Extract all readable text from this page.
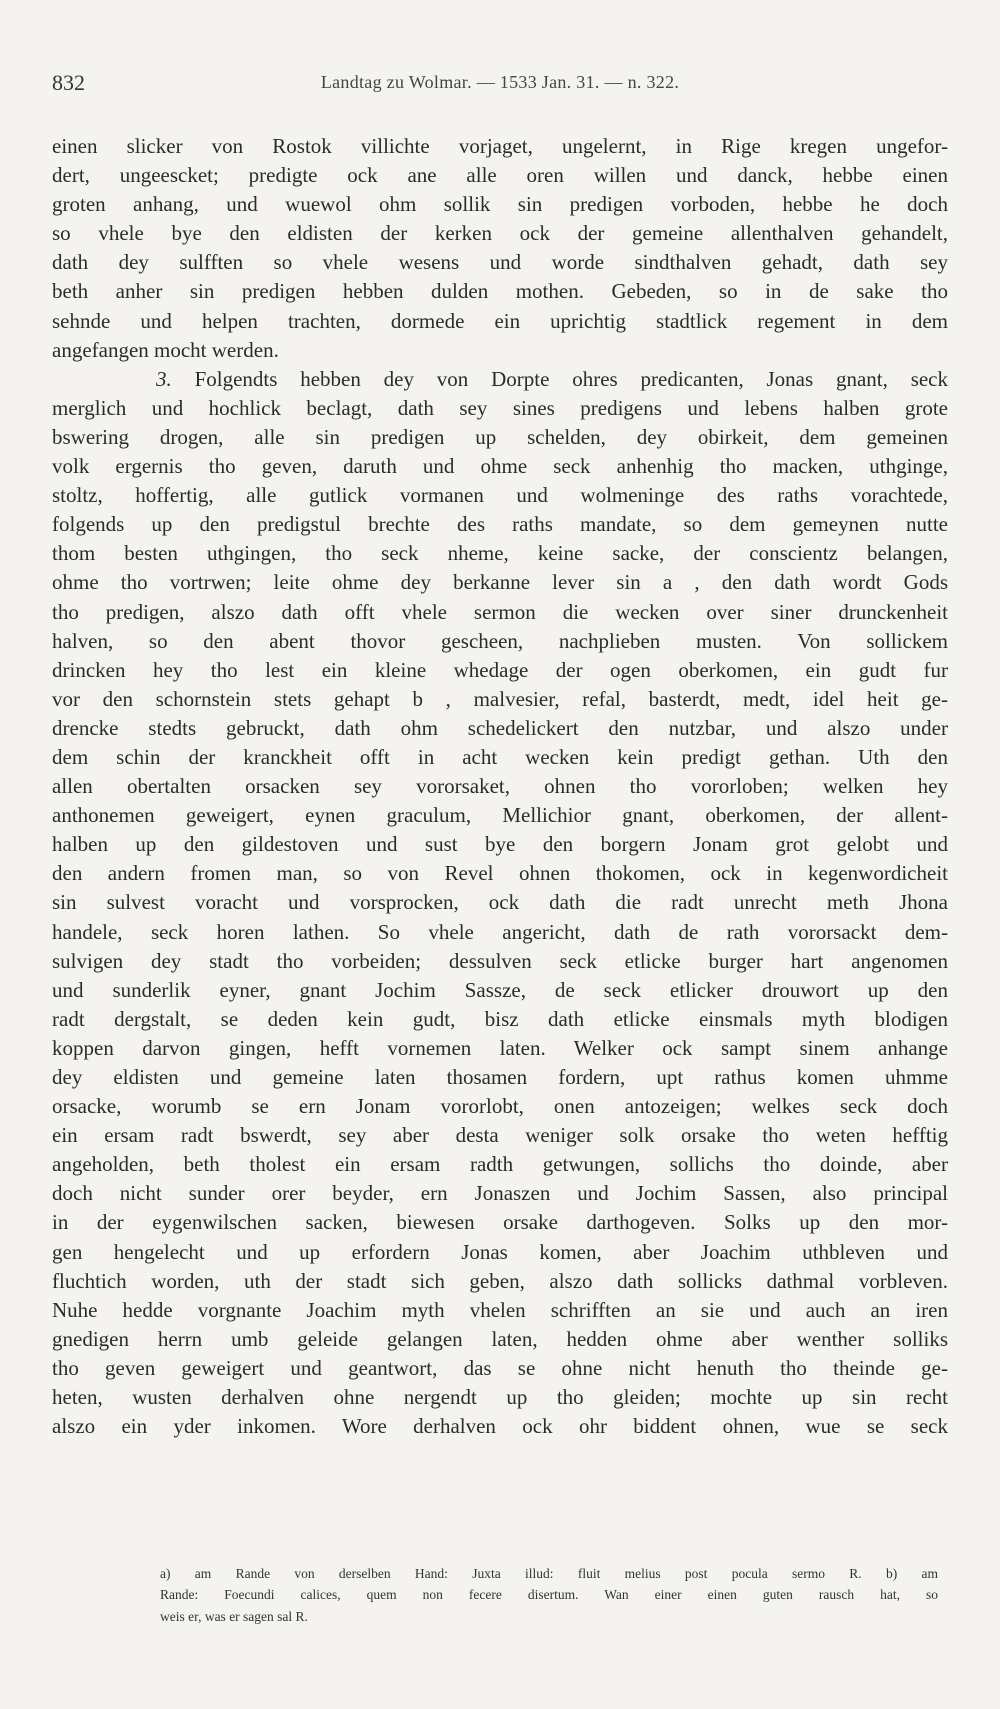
832	Landtag zu Wolmar. — 1533 Jan. 31. — n. 322.
einen slicker von Rostok villichte vorjaget, ungelernt, in Rige kregen ungefor-
dert, ungeescket; predigte ock ane alle oren willen und danck, hebbe einen
groten anhang, und wuewol ohm sollik sin predigen vorboden, hebbe he doch
so vhele bye den eldisten der kerken ock der gemeine allenthalven gehandelt,
dath dey sulfften so vhele wesens und worde sindthalven gehadt, dath sey
beth anher sin predigen hebben dulden mothen. Gebeden, so in de sake tho
sehnde und helpen trachten, dormede ein uprichtig stadtlick regement in dem
angefangen mocht werden.
3. Folgendts hebben dey von Dorpte ohres predicanten, Jonas gnant, seck
merglich und hochlick beclagt, dath sey sines predigens und lebens halben grote
bswering drogen, alle sin predigen up schelden, dey obirkeit, dem gemeinen
volk ergernis tho geven, daruth und ohme seck anhenhig tho macken, uthginge,
stoltz, hoffertig, alle gutlick vormanen und wolmeninge des raths vorachtede,
folgends up den predigstul brechte des raths mandate, so dem gemeynen nutte
thom besten uthgingen, tho seck nheme, keine sacke, der conscientz belangen,
ohme tho vortrwen; leite ohme dey berkanne lever sin a , den dath wordt Gods
tho predigen, alszo dath offt vhele sermon die wecken over siner drunckenheit
halven, so den abent thovor gescheen, nachplieben musten. Von sollickem
drincken hey tho lest ein kleine whedage der ogen oberkomen, ein gudt fur
vor den schornstein stets gehapt b , malvesier, refal, basterdt, medt, idel heit ge-
drencke stedts gebruckt, dath ohm schedelickert den nutzbar, und alszo under
dem schin der kranckheit offt in acht wecken kein predigt gethan. Uth den
allen obertalten orsacken sey vororsaket, ohnen tho vororloben; welken hey
anthonemen geweigert, eynen graculum, Mellichior gnant, oberkomen, der allent-
halben up den gildestoven und sust bye den borgern Jonam grot gelobt und
den andern fromen man, so von Revel ohnen thokomen, ock in kegenwordicheit
sin sulvest voracht und vorsprocken, ock dath die radt unrecht meth Jhona
handele, seck horen lathen. So vhele angericht, dath de rath vororsackt dem-
sulvigen dey stadt tho vorbeiden; dessulven seck etlicke burger hart angenomen
und sunderlik eyner, gnant Jochim Sassze, de seck etlicker drouwort up den
radt dergstalt, se deden kein gudt, bisz dath etlicke einsmals myth blodigen
koppen darvon gingen, hefft vornemen laten. Welker ock sampt sinem anhange
dey eldisten und gemeine laten thosamen fordern, upt rathus komen uhmme
orsacke, worumb se ern Jonam vororlobt, onen antozeigen; welkes seck doch
ein ersam radt bswerdt, sey aber desta weniger solk orsake tho weten hefftig
angeholden, beth tholest ein ersam radth getwungen, sollichs tho doinde, aber
doch nicht sunder orer beyder, ern Jonaszen und Jochim Sassen, also principal
in der eygenwilschen sacken, biewesen orsake darthogeven. Solks up den mor-
gen hengelecht und up erfordern Jonas komen, aber Joachim uthbleven und
fluchtich worden, uth der stadt sich geben, alszo dath sollicks dathmal vorbleven.
Nuhe hedde vorgnante Joachim myth vhelen schrifften an sie und auch an iren
gnedigen herrn umb geleide gelangen laten, hedden ohme aber wenther solliks
tho geven geweigert und geantwort, das se ohne nicht henuth tho theinde ge-
heten, wusten derhalven ohne nergendt up tho gleiden; mochte up sin recht
alszo ein yder inkomen. Wore derhalven ock ohr biddent ohnen, wue se seck
a) am Rande von derselben Hand: Juxta illud: fluit melius post pocula sermo R. b) am
Rande: Foecundi calices, quem non fecere disertum. Wan einer einen guten rausch hat, so
weis er, was er sagen sal R.
